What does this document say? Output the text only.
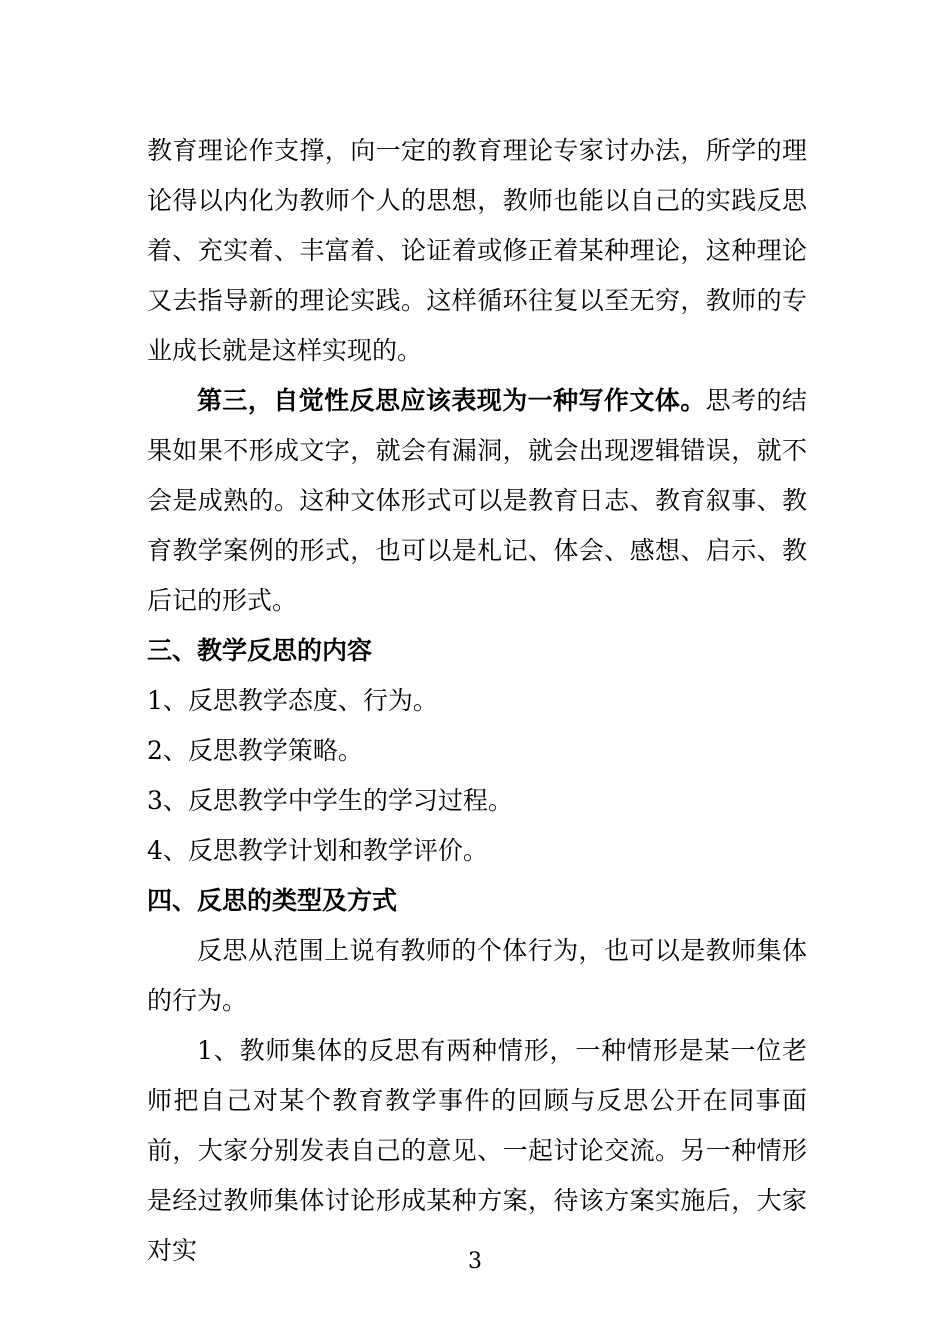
教育理论作支撑，向一定的教育理论专家讨办法，所学的理论得以内化为教师个人的思想，教师也能以自己的实践反思着、充实着、丰富着、论证着或修正着某种理论，这种理论又去指导新的理论实践。这样循环往复以至无穷，教师的专业成长就是这样实现的。

第三，自觉性反思应该表现为一种写作文体。思考的结果如果不形成文字，就会有漏洞，就会出现逻辑错误，就不会是成熟的。这种文体形式可以是教育日志、教育叙事、教育教学案例的形式，也可以是札记、体会、感想、启示、教后记的形式。

三、教学反思的内容

1、反思教学态度、行为。

2、反思教学策略。

3、反思教学中学生的学习过程。

4、反思教学计划和教学评价。

四、反思的类型及方式

反思从范围上说有教师的个体行为，也可以是教师集体的行为。

1、教师集体的反思有两种情形，一种情形是某一位老师把自己对某个教育教学事件的回顾与反思公开在同事面前，大家分别发表自己的意见、一起讨论交流。另一种情形是经过教师集体讨论形成某种方案，待该方案实施后，大家对实	3
